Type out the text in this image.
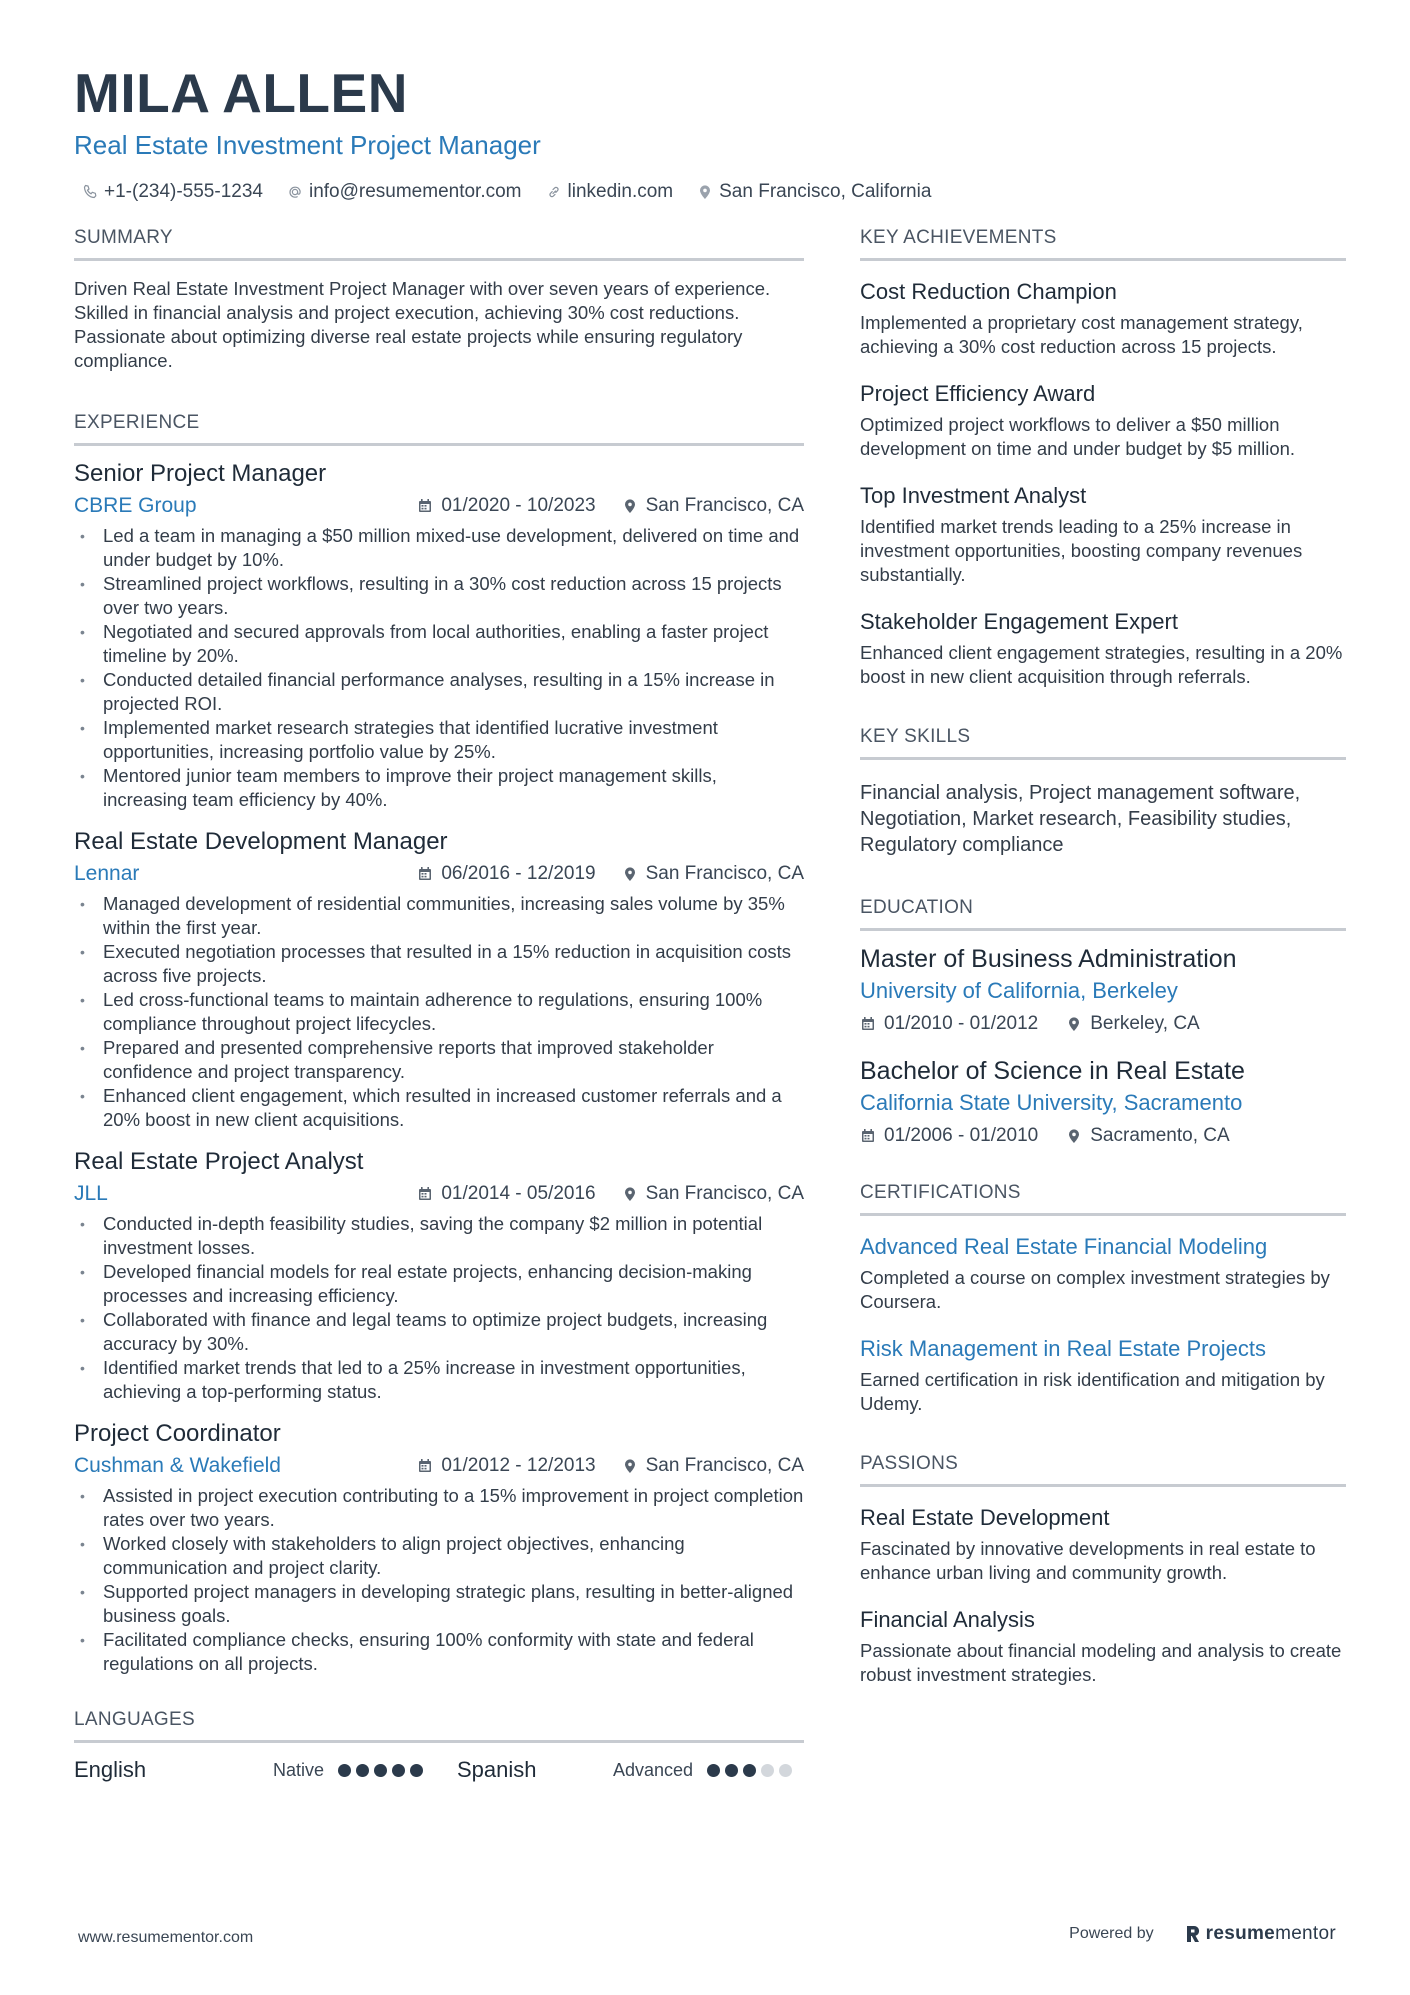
MILA ALLEN
Real Estate Investment Project Manager
+1-(234)-555-1234 info@resumementor.com linkedin.com San Francisco, California
SUMMARY

Driven Real Estate Investment Project Manager with over seven years of experience. Skilled in financial analysis and project execution, achieving 30% cost reductions. Passionate about optimizing diverse real estate projects while ensuring regulatory compliance.

EXPERIENCE
Senior Project Manager
CBRE Group	01/2020 - 10/2023	San Francisco, CA
• Led a team in managing a $50 million mixed-use development, delivered on time and under budget by 10%.
• Streamlined project workflows, resulting in a 30% cost reduction across 15 projects over two years.
• Negotiated and secured approvals from local authorities, enabling a faster project timeline by 20%.
• Conducted detailed financial performance analyses, resulting in a 15% increase in projected ROI.
• Implemented market research strategies that identified lucrative investment opportunities, increasing portfolio value by 25%.
• Mentored junior team members to improve their project management skills, increasing team efficiency by 40%.
Real Estate Development Manager
Lennar	06/2016 - 12/2019	San Francisco, CA
• Managed development of residential communities, increasing sales volume by 35% within the first year.
• Executed negotiation processes that resulted in a 15% reduction in acquisition costs across five projects.
• Led cross-functional teams to maintain adherence to regulations, ensuring 100% compliance throughout project lifecycles.
• Prepared and presented comprehensive reports that improved stakeholder confidence and project transparency.
• Enhanced client engagement, which resulted in increased customer referrals and a 20% boost in new client acquisitions.
Real Estate Project Analyst
JLL	01/2014 - 05/2016	San Francisco, CA
• Conducted in-depth feasibility studies, saving the company $2 million in potential investment losses.
• Developed financial models for real estate projects, enhancing decision-making processes and increasing efficiency.
• Collaborated with finance and legal teams to optimize project budgets, increasing accuracy by 30%.
• Identified market trends that led to a 25% increase in investment opportunities, achieving a top-performing status.
Project Coordinator
Cushman & Wakefield	01/2012 - 12/2013	San Francisco, CA
• Assisted in project execution contributing to a 15% improvement in project completion rates over two years.
• Worked closely with stakeholders to align project objectives, enhancing communication and project clarity.
• Supported project managers in developing strategic plans, resulting in better-aligned business goals.
• Facilitated compliance checks, ensuring 100% conformity with state and federal regulations on all projects.
LANGUAGES
English	Native	Spanish	Advanced
KEY ACHIEVEMENTS
Cost Reduction Champion

Implemented a proprietary cost management strategy, achieving a 30% cost reduction across 15 projects.

Project Efficiency Award

Optimized project workflows to deliver a $50 million development on time and under budget by $5 million.

Top Investment Analyst

Identified market trends leading to a 25% increase in investment opportunities, boosting company revenues substantially.

Stakeholder Engagement Expert

Enhanced client engagement strategies, resulting in a 20% boost in new client acquisition through referrals.

KEY SKILLS

Financial analysis, Project management software, Negotiation, Market research, Feasibility studies, Regulatory compliance

EDUCATION
Master of Business Administration
University of California, Berkeley
01/2010 - 01/2012	Berkeley, CA
Bachelor of Science in Real Estate
California State University, Sacramento
01/2006 - 01/2010	Sacramento, CA
CERTIFICATIONS
Advanced Real Estate Financial Modeling

Completed a course on complex investment strategies by Coursera.

Risk Management in Real Estate Projects

Earned certification in risk identification and mitigation by Udemy.

PASSIONS
Real Estate Development

Fascinated by innovative developments in real estate to enhance urban living and community growth.

Financial Analysis

Passionate about financial modeling and analysis to create robust investment strategies.

www.resumementor.com	Powered by	resumementor
